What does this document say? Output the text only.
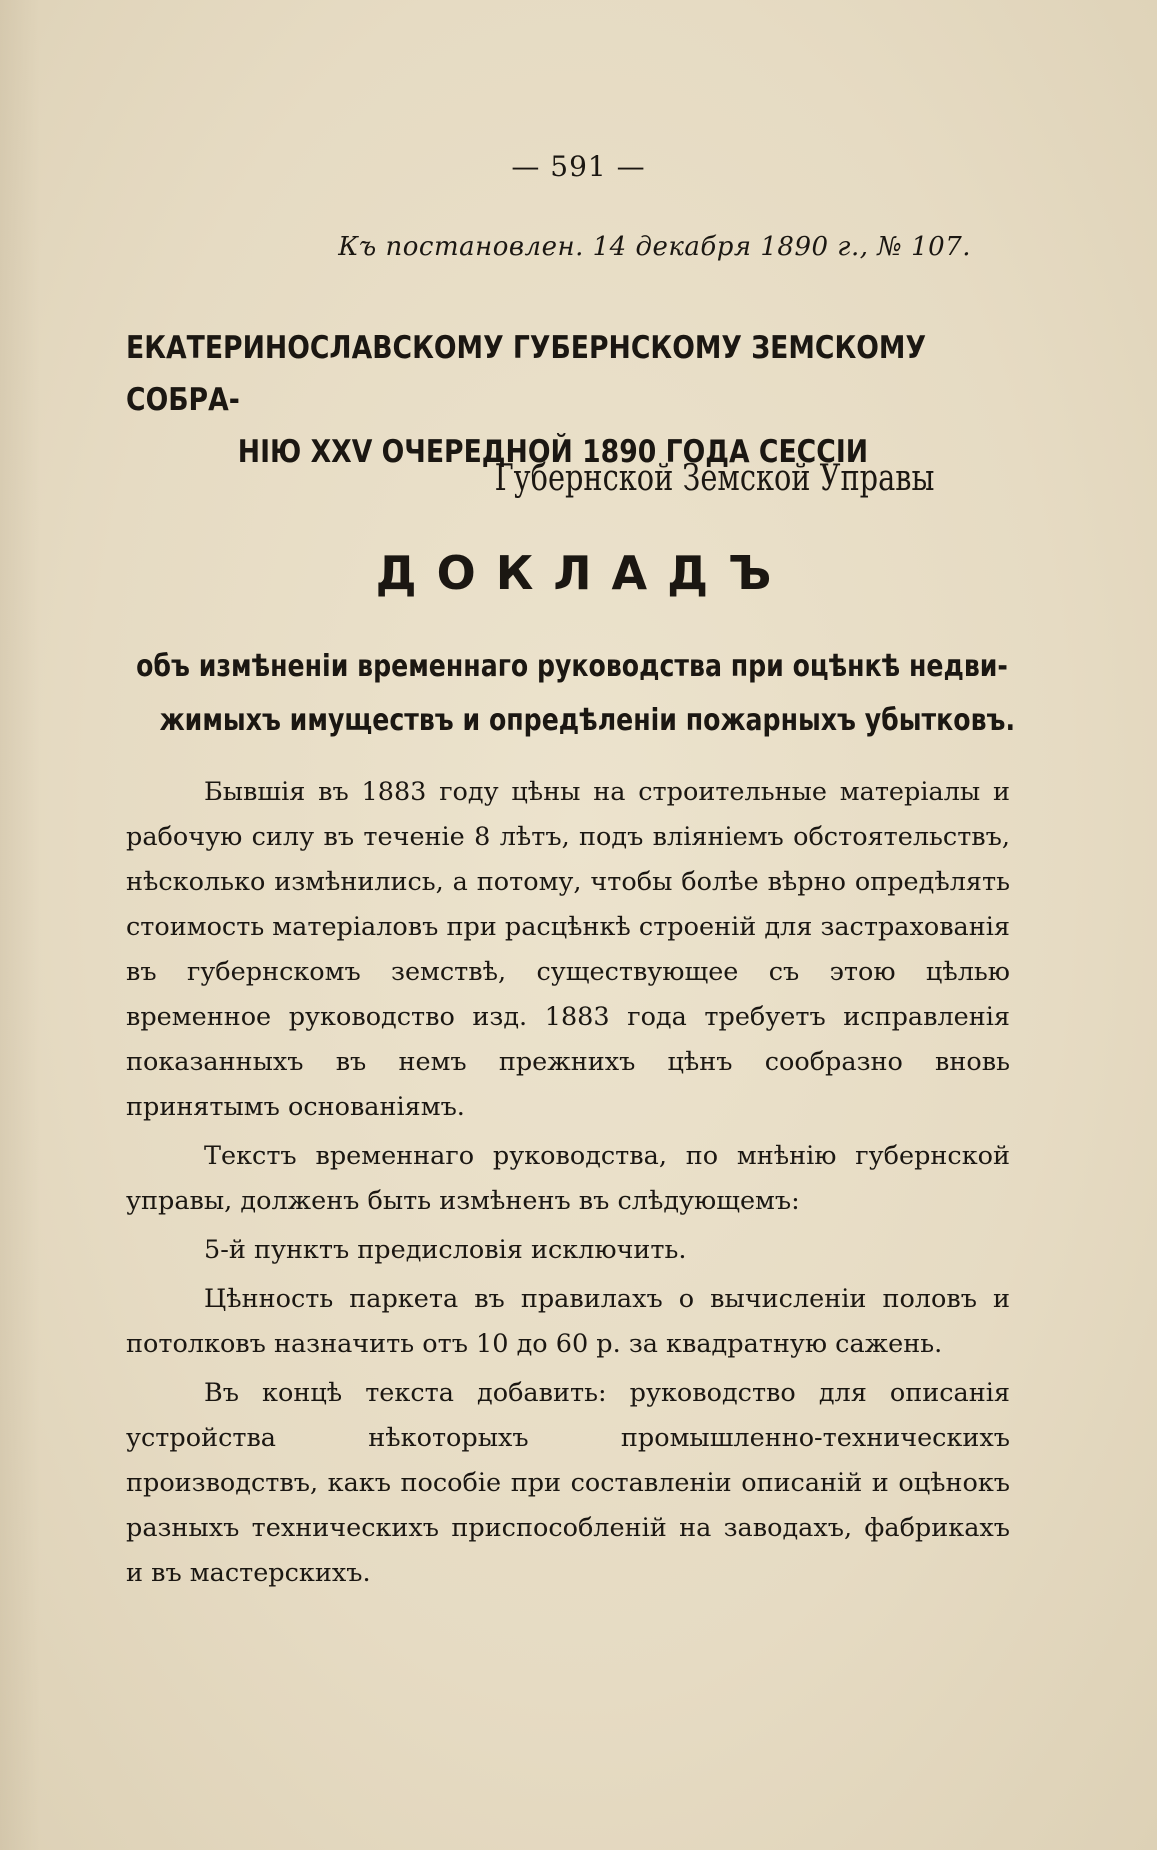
— 591 —
Къ постановлен. 14 декабря 1890 г., № 107.
ЕКАТЕРИНОСЛАВСКОМУ ГУБЕРНСКОМУ ЗЕМСКОМУ СОБРА-
НІЮ XXV ОЧЕРЕДНОЙ 1890 ГОДА СЕССІИ
Губернской Земской Управы
ДОКЛАДЪ
объ измѣненіи временнаго руководства при оцѣнкѣ недви-
жимыхъ имуществъ и опредѣленіи пожарныхъ убытковъ.

Бывшія въ 1883 году цѣны на строительные матеріалы и рабочую силу въ теченіе 8 лѣтъ, подъ вліяніемъ обстоятельствъ, нѣсколько измѣнились, а потому, чтобы болѣе вѣрно опредѣлять стоимость матеріаловъ при расцѣнкѣ строеній для застрахованія въ губернскомъ земствѣ, существующее съ этою цѣлью временное руководство изд. 1883 года требуетъ исправленія показанныхъ въ немъ прежнихъ цѣнъ сообразно вновь принятымъ основаніямъ.

Текстъ временнаго руководства, по мнѣнію губернской управы, долженъ быть измѣненъ въ слѣдующемъ:

5-й пунктъ предисловія исключить.

Цѣнность паркета въ правилахъ о вычисленіи половъ и потолковъ назначить отъ 10 до 60 р. за квадратную сажень.

Въ концѣ текста добавить: руководство для описанія устройства нѣкоторыхъ промышленно-техническихъ производствъ, какъ пособіе при составленіи описаній и оцѣнокъ разныхъ техническихъ приспособленій на заводахъ, фабрикахъ и въ мастерскихъ.
